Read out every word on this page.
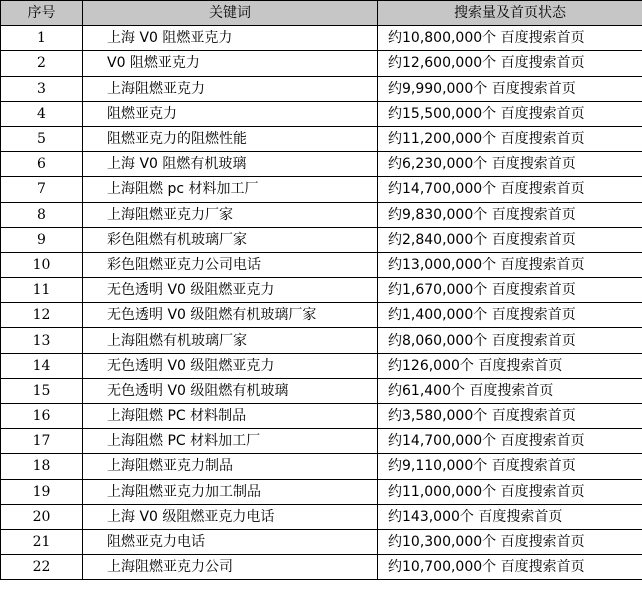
序号	关键词	搜索量及首页状态
1	上海 V0 阻燃亚克力	约10,800,000个 百度搜索首页
2	V0 阻燃亚克力	约12,600,000个 百度搜索首页
3	上海阻燃亚克力	约9,990,000个 百度搜索首页
4	阻燃亚克力	约15,500,000个 百度搜索首页
5	阻燃亚克力的阻燃性能	约11,200,000个 百度搜索首页
6	上海 V0 阻燃有机玻璃	约6,230,000个 百度搜索首页
7	上海阻燃 pc 材料加工厂	约14,700,000个 百度搜索首页
8	上海阻燃亚克力厂家	约9,830,000个 百度搜索首页
9	彩色阻燃有机玻璃厂家	约2,840,000个 百度搜索首页
10	彩色阻燃亚克力公司电话	约13,000,000个 百度搜索首页
11	无色透明 V0 级阻燃亚克力	约1,670,000个 百度搜索首页
12	无色透明 V0 级阻燃有机玻璃厂家	约1,400,000个 百度搜索首页
13	上海阻燃有机玻璃厂家	约8,060,000个 百度搜索首页
14	无色透明 V0 级阻燃亚克力	约126,000个 百度搜索首页
15	无色透明 V0 级阻燃有机玻璃	约61,400个 百度搜索首页
16	上海阻燃 PC 材料制品	约3,580,000个 百度搜索首页
17	上海阻燃 PC 材料加工厂	约14,700,000个 百度搜索首页
18	上海阻燃亚克力制品	约9,110,000个 百度搜索首页
19	上海阻燃亚克力加工制品	约11,000,000个 百度搜索首页
20	上海 V0 级阻燃亚克力电话	约143,000个 百度搜索首页
21	阻燃亚克力电话	约10,300,000个 百度搜索首页
22	上海阻燃亚克力公司	约10,700,000个 百度搜索首页
